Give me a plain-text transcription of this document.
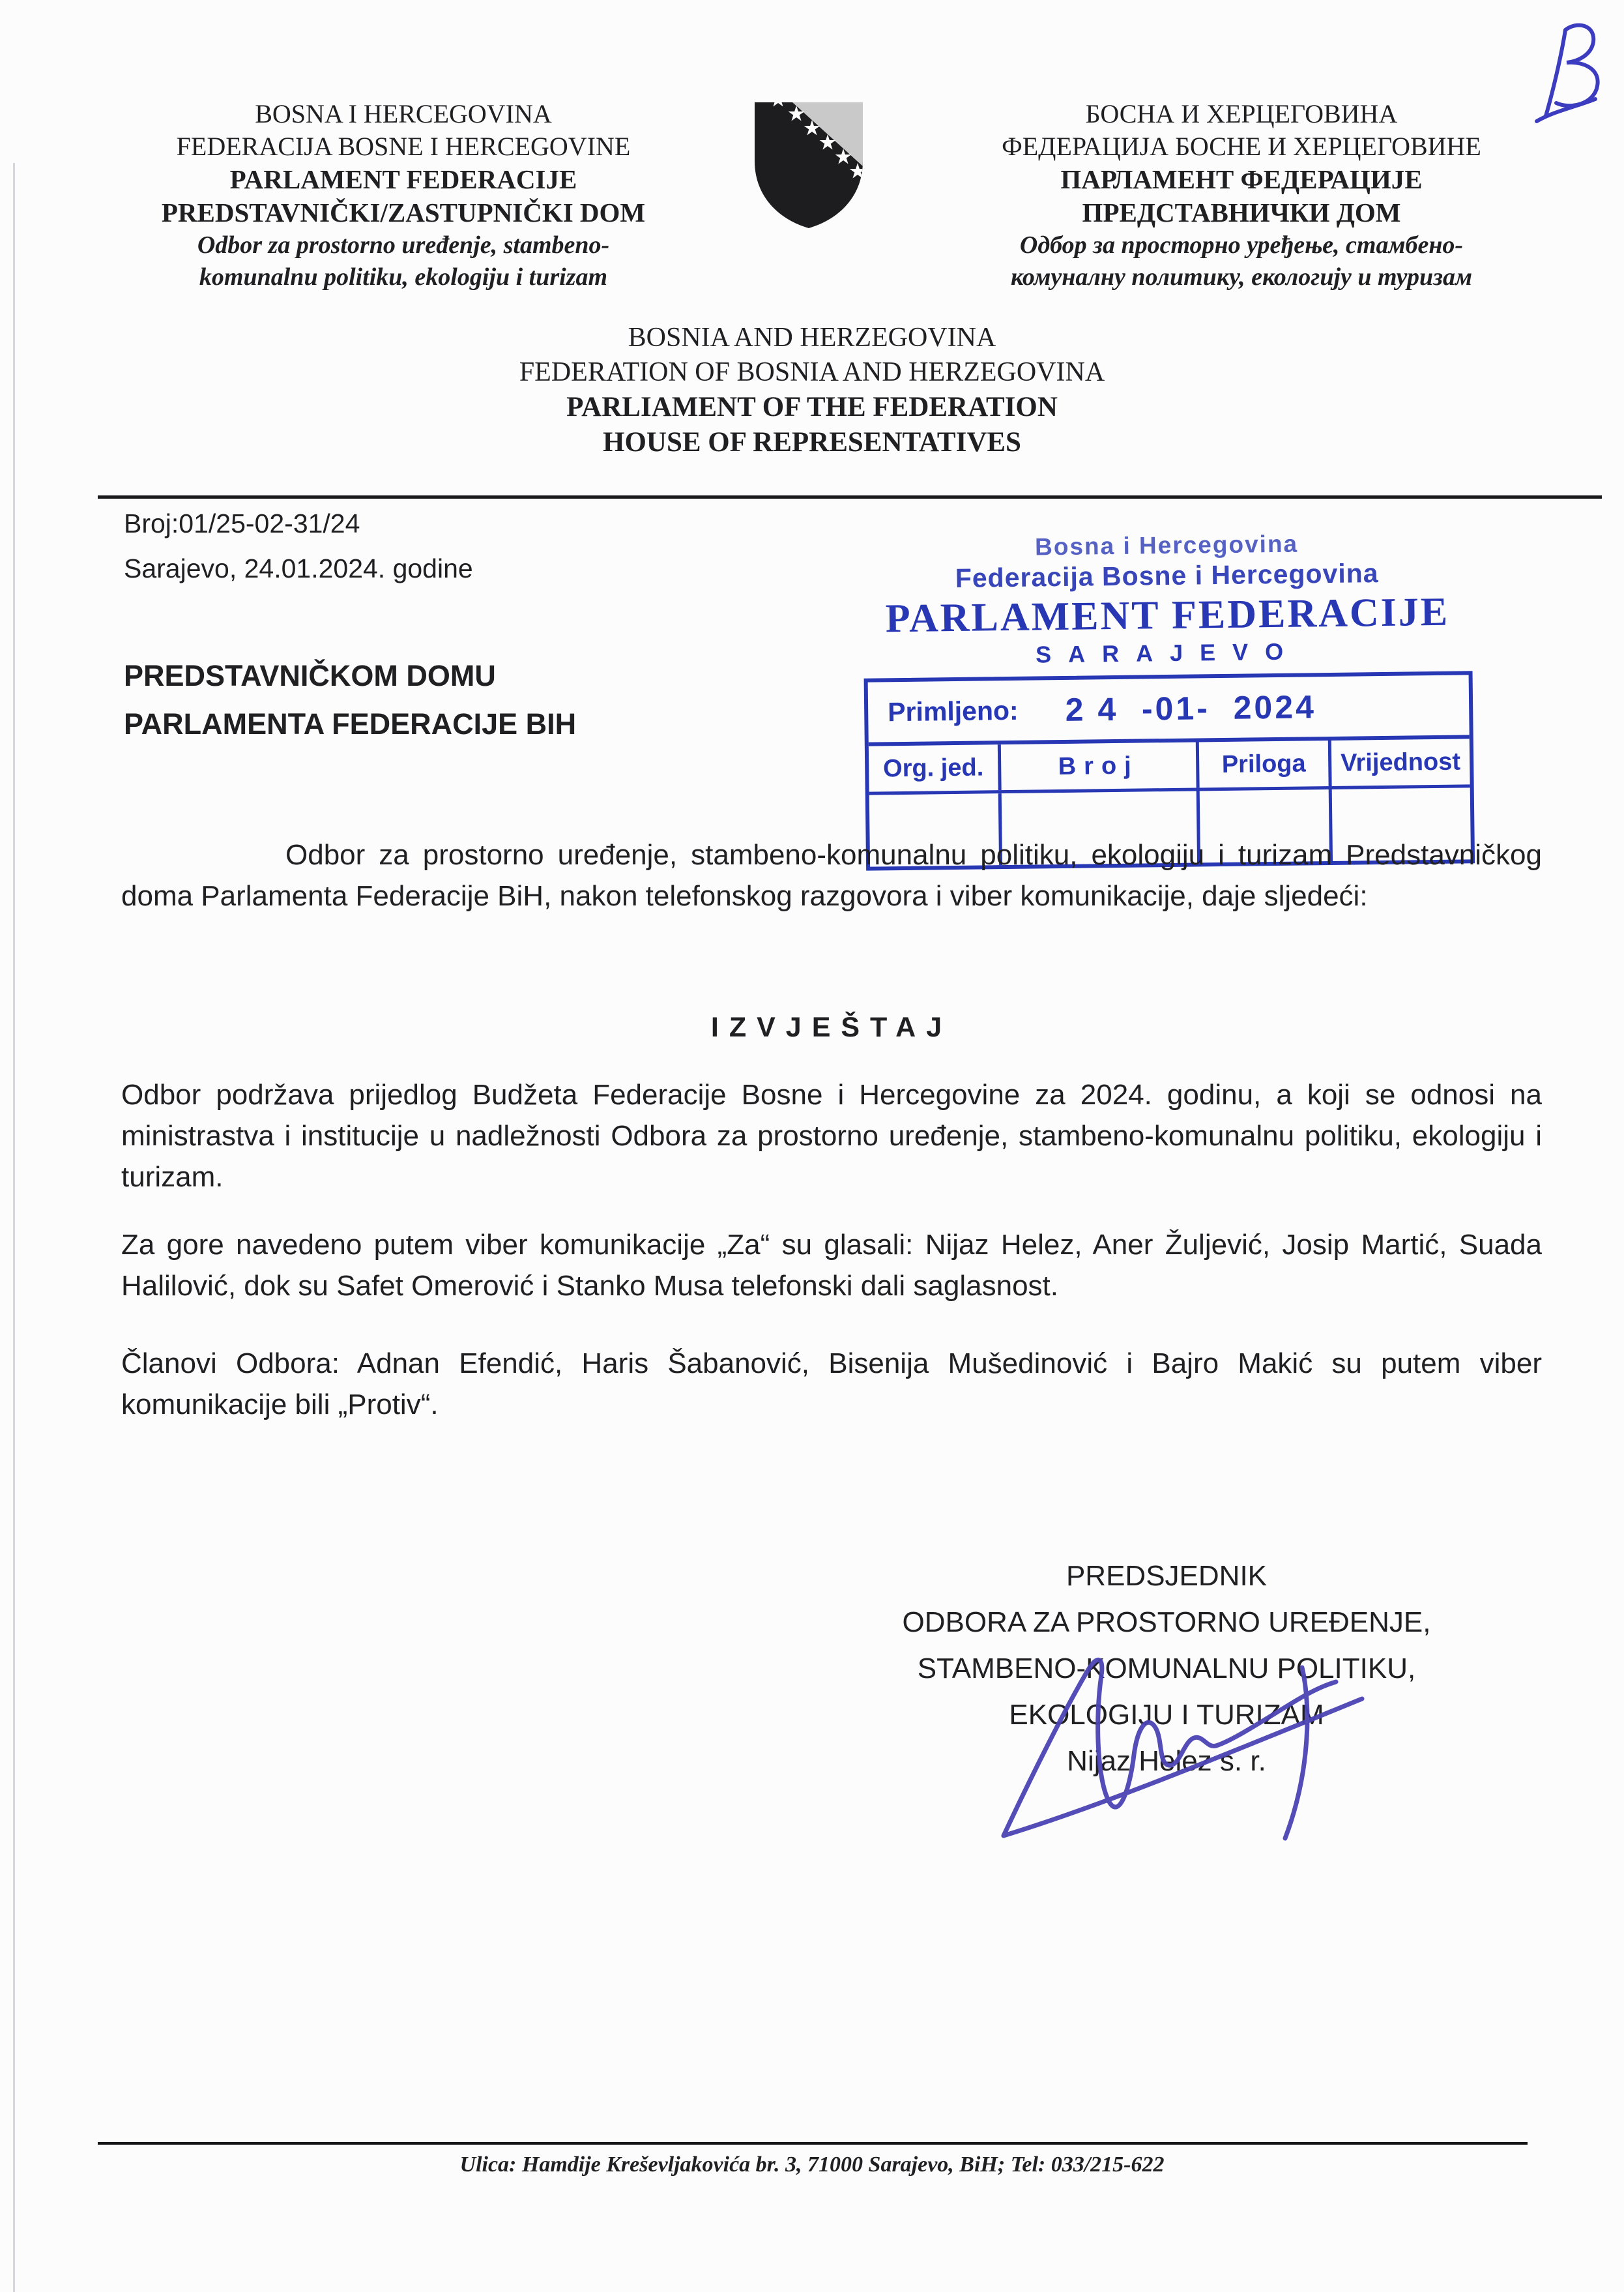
BOSNA I HERCEGOVINA
FEDERACIJA BOSNE I HERCEGOVINE
PARLAMENT FEDERACIJE
PREDSTAVNIČKI/ZASTUPNIČKI DOM
Odbor za prostorno uređenje, stambeno-
komunalnu politiku, ekologiju i turizam
БОСНА И ХЕРЦЕГОВИНА
ФЕДЕРАЦИЈА БОСНЕ И ХЕРЦЕГОВИНЕ
ПАРЛАМЕНТ ФЕДЕРАЦИЈЕ
ПРЕДСТАВНИЧКИ ДОМ
Одбор за просторно уређење, стамбено-
комуналну политику, екологију и туризам
BOSNIA AND HERZEGOVINA
FEDERATION OF BOSNIA AND HERZEGOVINA
PARLIAMENT OF THE FEDERATION
HOUSE OF REPRESENTATIVES
Broj:01/25-02-31/24
Sarajevo, 24.01.2024. godine
Bosna i Hercegovina
Federacija Bosne i Hercegovina
PARLAMENT FEDERACIJE
SARAJEVO
Primljeno: 2 4  -01-  2024
Org. jed.	Broj	Priloga	Vrijednost
PREDSTAVNIČKOM DOMU
PARLAMENTA FEDERACIJE BIH
Odbor za prostorno uređenje, stambeno-komunalnu politiku, ekologiju i turizam Predstavničkog doma Parlamenta Federacije BiH, nakon telefonskog razgovora i viber komunikacije, daje sljedeći:
IZVJEŠTAJ
Odbor podržava prijedlog Budžeta Federacije Bosne i Hercegovine za 2024. godinu, a koji se odnosi na ministrastva i institucije u nadležnosti Odbora za prostorno uređenje, stambeno-komunalnu politiku, ekologiju i turizam.
Za gore navedeno putem viber komunikacije „Za“ su glasali: Nijaz Helez, Aner Žuljević, Josip Martić, Suada Halilović, dok su Safet Omerović i Stanko Musa telefonski dali saglasnost.
Članovi Odbora: Adnan Efendić, Haris Šabanović, Bisenija Mušedinović i Bajro Makić su putem viber komunikacije bili „Protiv“.
PREDSJEDNIK
ODBORA ZA PROSTORNO UREĐENJE,
STAMBENO-KOMUNALNU POLITIKU,
EKOLOGIJU I TURIZAM
Nijaz Helez s. r.
Ulica: Hamdije Kreševljakovića br. 3, 71000 Sarajevo, BiH; Tel: 033/215-622
